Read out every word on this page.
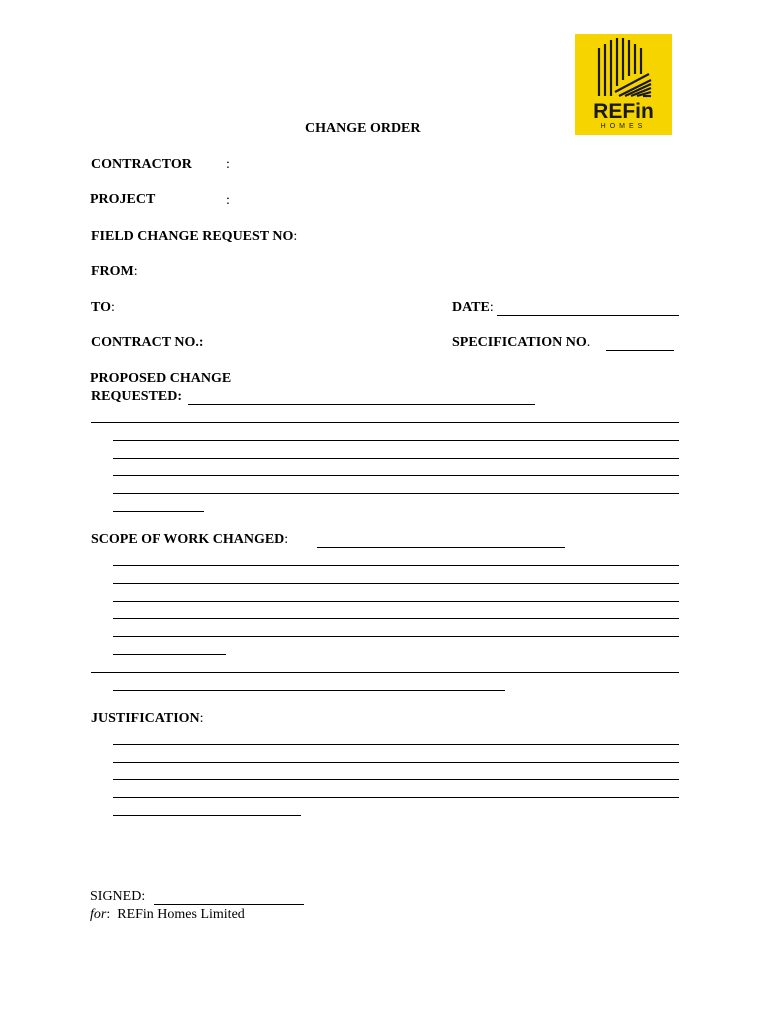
REFin
HOMES
CHANGE ORDER
CONTRACTOR :
PROJECT	:
FIELD CHANGE REQUEST NO:
FROM:
TO:	DATE:
CONTRACT NO.:	SPECIFICATION NO.
PROPOSED CHANGE
REQUESTED:
SCOPE OF WORK CHANGED:
JUSTIFICATION:
SIGNED:
for: REFin Homes Limited
